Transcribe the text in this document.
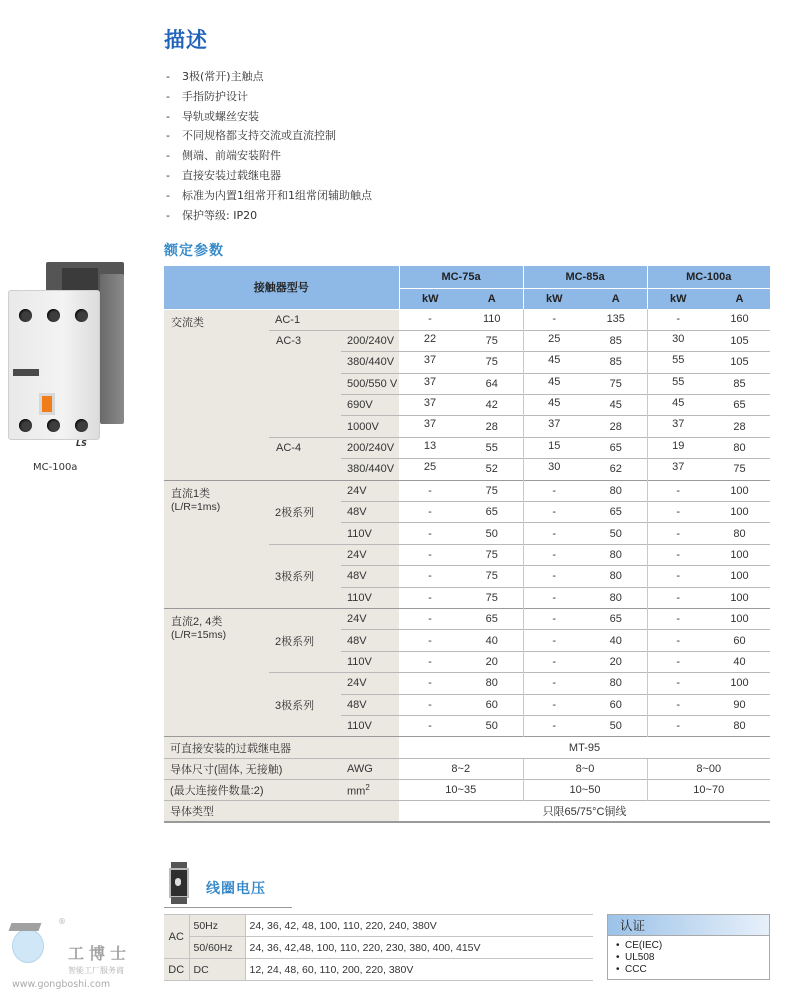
描述
- 3极(常开)主触点
- 手指防护设计
- 导轨或螺丝安装
- 不同规格都支持交流或直流控制
- 侧端、前端安装附件
- 直接安装过载继电器
- 标准为内置1组常开和1组常闭辅助触点
- 保护等级: IP20
LS
MC-100a
额定参数
接触器型号			MC-75a		MC-85a		MC-100a	
			kW	A	kW	A	kW	A
交流类	AC-1		-	110	-	135	-	160
	AC-3	200/240V	22	75	25	85	30	105
		380/440V	37	75	45	85	55	105
		500/550 V	37	64	45	75	55	85
		690V	37	42	45	45	45	65
		1000V	37	28	37	28	37	28
	AC-4	200/240V	13	55	15	65	19	80
		380/440V	25	52	30	62	37	75

直流1类
(L/R=1ms)	2极系列	24V	-	75	-	80	-	100
		48V	-	65	-	65	-	100
		110V	-	50	-	50	-	80
	3极系列	24V	-	75	-	80	-	100
		48V	-	75	-	80	-	100
		110V	-	75	-	80	-	100

直流2, 4类
(L/R=15ms)	2极系列	24V	-	65	-	65	-	100
		48V	-	40	-	40	-	60
		110V	-	20	-	20	-	40
	3极系列	24V	-	80	-	80	-	100
		48V	-	60	-	60	-	90
		110V	-	50	-	50	-	80
可直接安装的过载继电器			MT-95					
导体尺寸(固体, 无接触)		AWG	8~2		8~0		8~00	
(最大连接件数量:2)		$mm^2$	10~35		10~50		10~70	
导体类型			只限65/75°C铜线					
线圈电压
AC	50Hz	24, 36, 42, 48, 100, 110, 220, 240, 380V
	50/60Hz	24, 36, 42,48, 100, 110, 220, 230, 380, 400, 415V
DC	DC	12, 24, 48, 60, 110, 200, 220, 380V
认证
• CE(IEC)
• UL508
• CCC
®
工博士
智能工厂服务商
www.gongboshi.com
